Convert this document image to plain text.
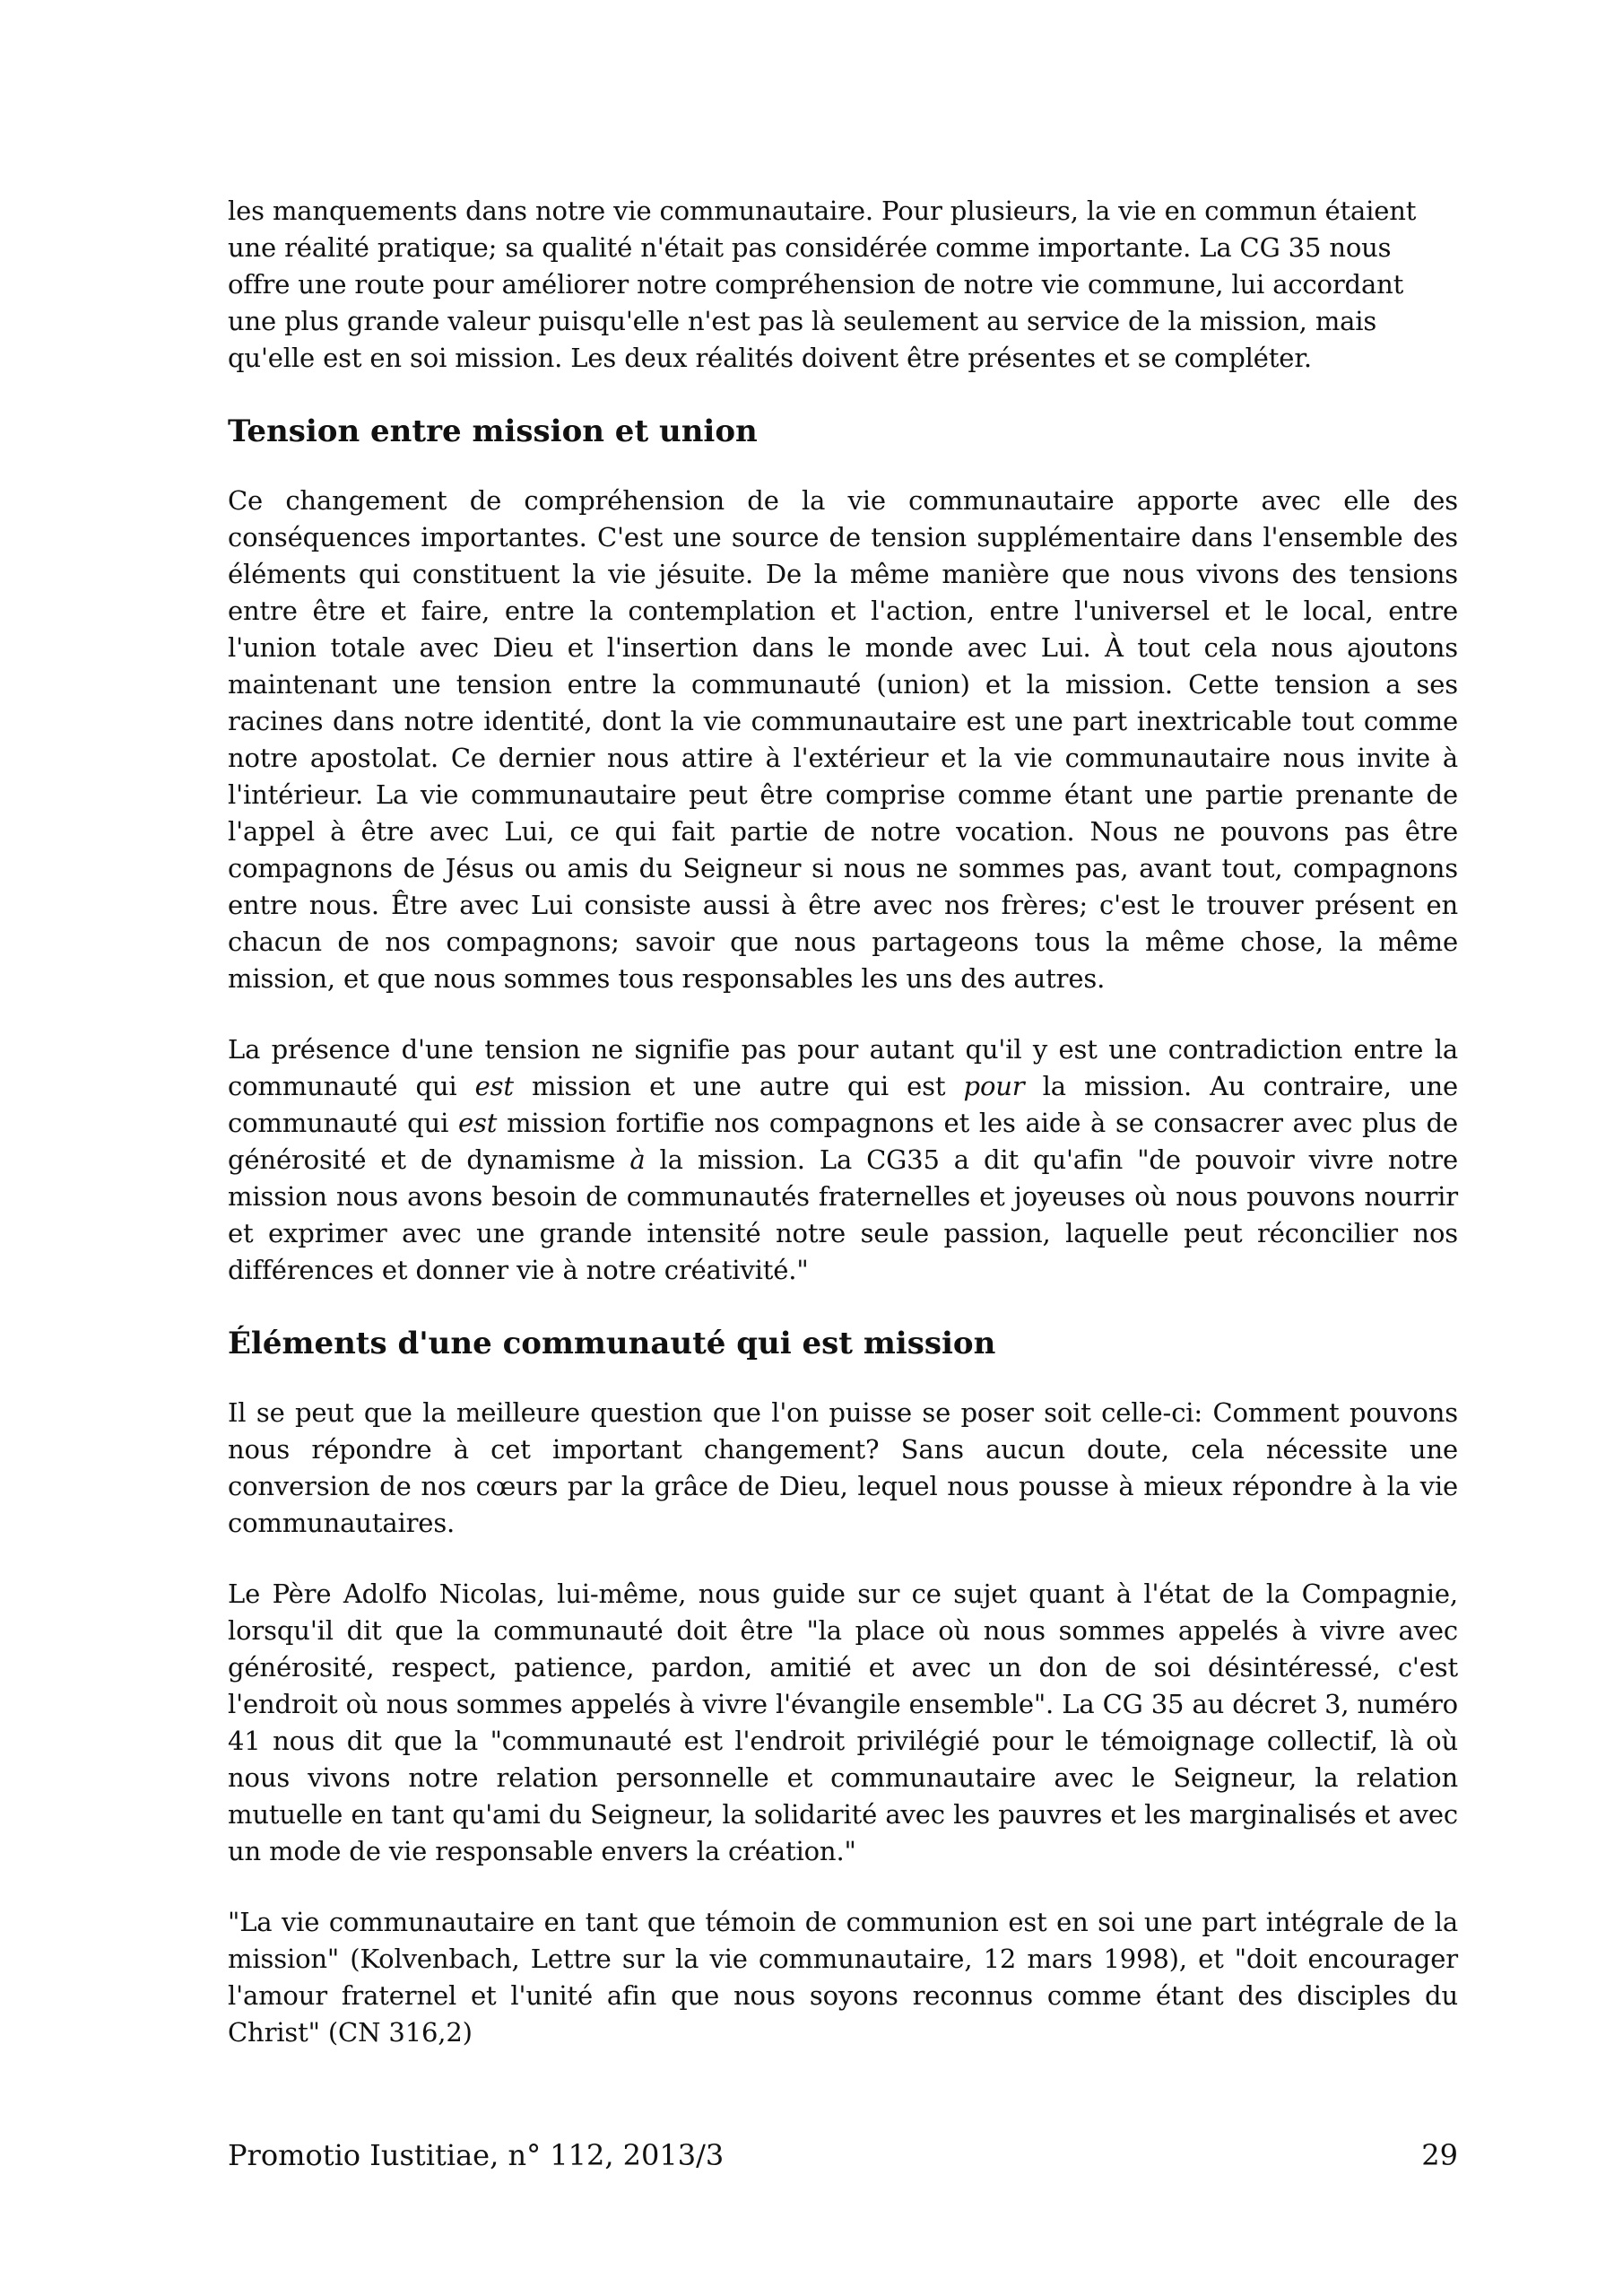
les manquements dans notre vie communautaire. Pour plusieurs, la vie en commun étaient une réalité pratique; sa qualité n'était pas considérée comme importante. La CG 35 nous offre une route pour améliorer notre compréhension de notre vie commune, lui accordant une plus grande valeur puisqu'elle n'est pas là seulement au service de la mission, mais qu'elle est en soi mission. Les deux réalités doivent être présentes et se compléter.

Tension entre mission et union

Ce changement de compréhension de la vie communautaire apporte avec elle des conséquences importantes. C'est une source de tension supplémentaire dans l'ensemble des éléments qui constituent la vie jésuite. De la même manière que nous vivons des tensions entre être et faire, entre la contemplation et l'action, entre l'universel et le local, entre l'union totale avec Dieu et l'insertion dans le monde avec Lui. À tout cela nous ajoutons maintenant une tension entre la communauté (union) et la mission. Cette tension a ses racines dans notre identité, dont la vie communautaire est une part inextricable tout comme notre apostolat. Ce dernier nous attire à l'extérieur et la vie communautaire nous invite à l'intérieur. La vie communautaire peut être comprise comme étant une partie prenante de l'appel à être avec Lui, ce qui fait partie de notre vocation. Nous ne pouvons pas être compagnons de Jésus ou amis du Seigneur si nous ne sommes pas, avant tout, compagnons entre nous. Être avec Lui consiste aussi à être avec nos frères; c'est le trouver présent en chacun de nos compagnons; savoir que nous partageons tous la même chose, la même mission, et que nous sommes tous responsables les uns des autres.

La présence d'une tension ne signifie pas pour autant qu'il y est une contradiction entre la communauté qui est mission et une autre qui est pour la mission. Au contraire, une communauté qui est mission fortifie nos compagnons et les aide à se consacrer avec plus de générosité et de dynamisme à la mission. La CG35 a dit qu'afin "de pouvoir vivre notre mission nous avons besoin de communautés fraternelles et joyeuses où nous pouvons nourrir et exprimer avec une grande intensité notre seule passion, laquelle peut réconcilier nos différences et donner vie à notre créativité."

Éléments d'une communauté qui est mission

Il se peut que la meilleure question que l'on puisse se poser soit celle-ci: Comment pouvons nous répondre à cet important changement? Sans aucun doute, cela nécessite une conversion de nos cœurs par la grâce de Dieu, lequel nous pousse à mieux répondre à la vie communautaires.

Le Père Adolfo Nicolas, lui-même, nous guide sur ce sujet quant à l'état de la Compagnie, lorsqu'il dit que la communauté doit être "la place où nous sommes appelés à vivre avec générosité, respect, patience, pardon, amitié et avec un don de soi désintéressé, c'est l'endroit où nous sommes appelés à vivre l'évangile ensemble". La CG 35 au décret 3, numéro 41 nous dit que la "communauté est l'endroit privilégié pour le témoignage collectif, là où nous vivons notre relation personnelle et communautaire avec le Seigneur, la relation mutuelle en tant qu'ami du Seigneur, la solidarité avec les pauvres et les marginalisés et avec un mode de vie responsable envers la création."

"La vie communautaire en tant que témoin de communion est en soi une part intégrale de la mission" (Kolvenbach, Lettre sur la vie communautaire, 12 mars 1998), et "doit encourager l'amour fraternel et l'unité afin que nous soyons reconnus comme étant des disciples du Christ" (CN 316,2)

Promotio Iustitiae, n° 112, 2013/3	29
